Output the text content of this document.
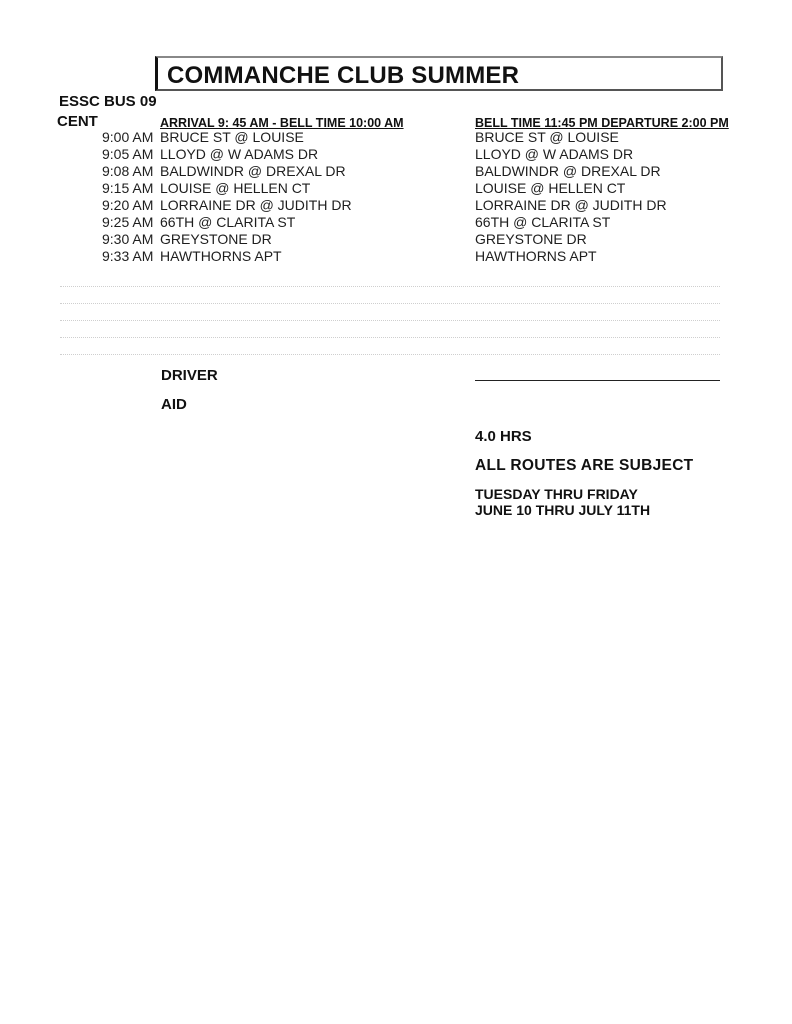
COMMANCHE CLUB SUMMER
ESSC BUS 09
CENT	ARRIVAL 9: 45 AM - BELL TIME 10:00 AM	BELL TIME 11:45 PM DEPARTURE 2:00 PM
9:00 AM BRUCE ST @ LOUISE
9:05 AM LLOYD @ W ADAMS DR
9:08 AM BALDWINDR @ DREXAL DR
9:15 AM LOUISE @ HELLEN CT
9:20 AM LORRAINE DR @ JUDITH DR
9:25 AM 66TH @ CLARITA ST
9:30 AM GREYSTONE DR
9:33 AM HAWTHORNS APT
BRUCE ST @ LOUISE
LLOYD @ W ADAMS DR
BALDWINDR @ DREXAL DR
LOUISE @ HELLEN CT
LORRAINE DR @ JUDITH DR
66TH @ CLARITA ST
GREYSTONE DR
HAWTHORNS APT
DRIVER
AID
4.0 HRS
ALL ROUTES ARE SUBJECT
TUESDAY THRU FRIDAY
JUNE 10 THRU JULY 11TH
